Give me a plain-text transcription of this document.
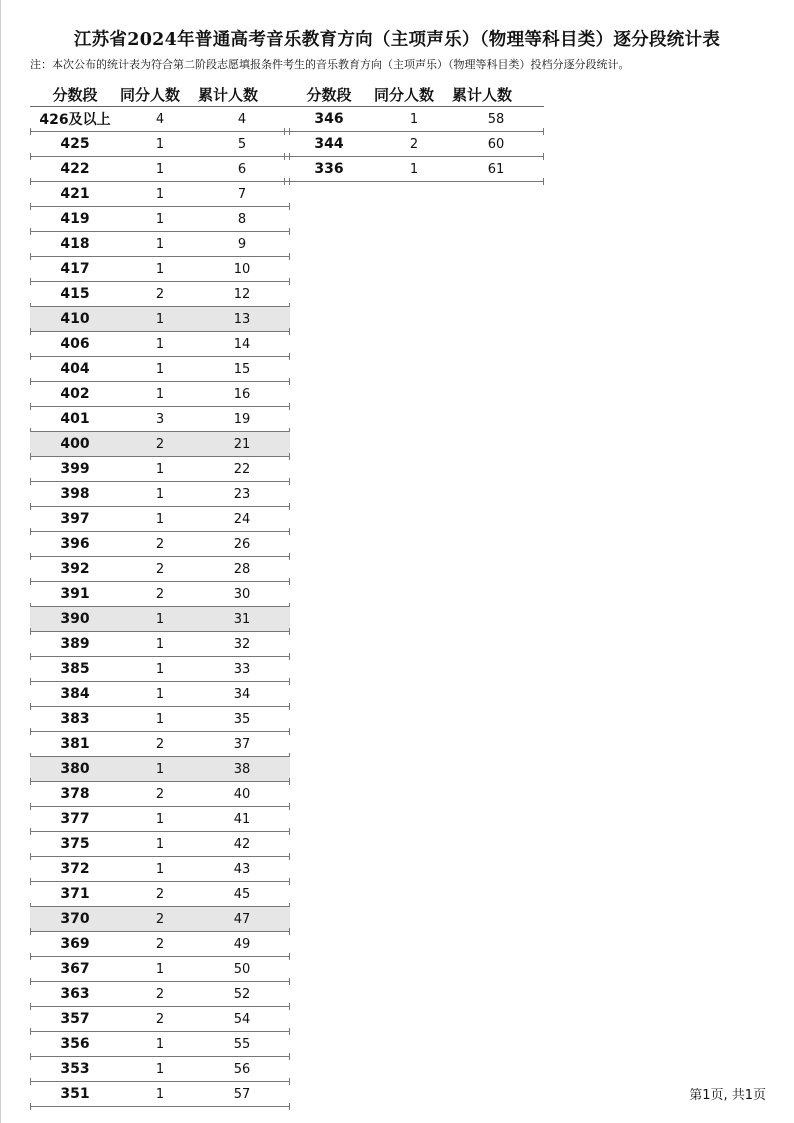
江苏省2024年普通高考音乐教育方向（主项声乐）（物理等科目类）逐分段统计表
注：本次公布的统计表为符合第二阶段志愿填报条件考生的音乐教育方向（主项声乐）（物理等科目类）投档分逐分段统计。
分数段	同分人数	累计人数
426及以上	4	4
425	1	5
422	1	6
421	1	7
419	1	8
418	1	9
417	1	10
415	2	12
410	1	13
406	1	14
404	1	15
402	1	16
401	3	19
400	2	21
399	1	22
398	1	23
397	1	24
396	2	26
392	2	28
391	2	30
390	1	31
389	1	32
385	1	33
384	1	34
383	1	35
381	2	37
380	1	38
378	2	40
377	1	41
375	1	42
372	1	43
371	2	45
370	2	47
369	2	49
367	1	50
363	2	52
357	2	54
356	1	55
353	1	56
351	1	57
分数段	同分人数	累计人数
346	1	58
344	2	60
336	1	61
第1页, 共1页
